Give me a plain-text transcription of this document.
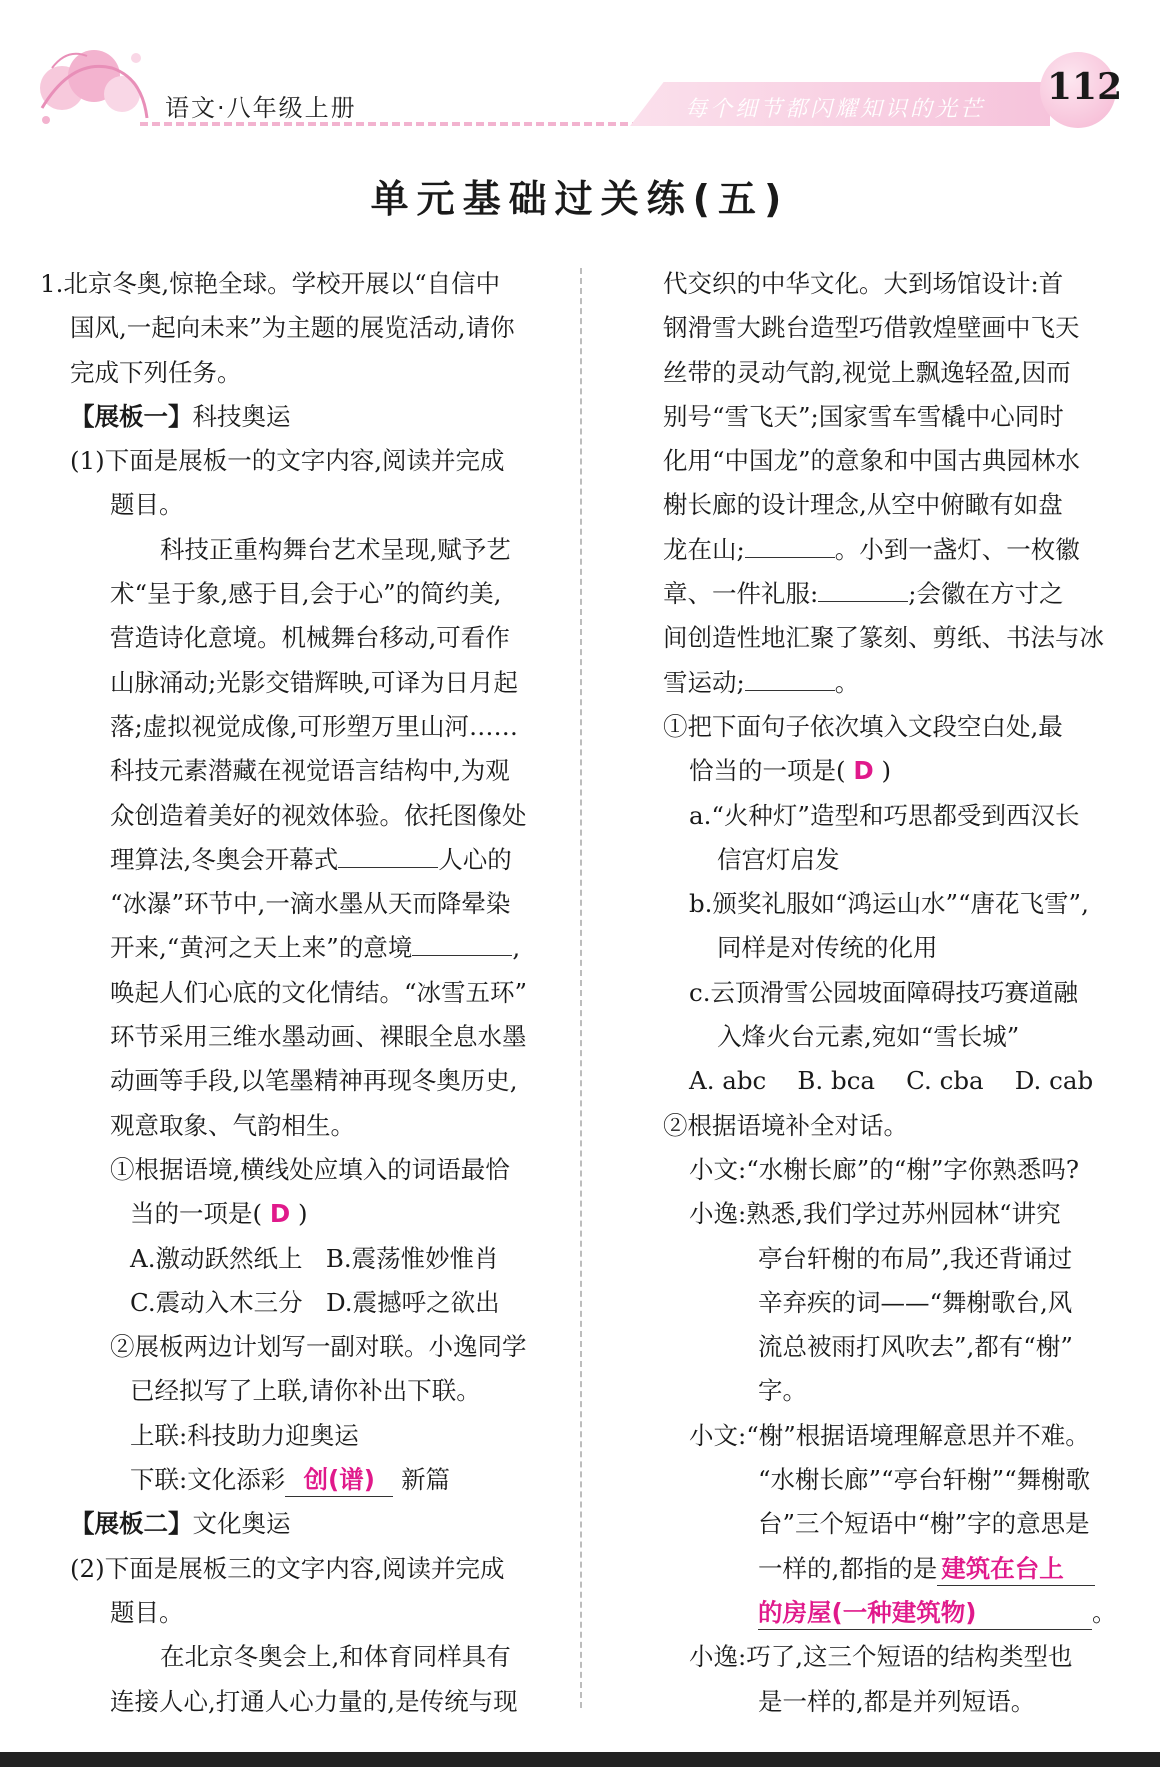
语文·八年级上册	每个细节都闪耀知识的光芒
112
单元基础过关练(五)
1.北京冬奥,惊艳全球。学校开展以“自信中
国风,一起向未来”为主题的展览活动,请你
完成下列任务。
【展板一】科技奥运
(1)下面是展板一的文字内容,阅读并完成
题目。
科技正重构舞台艺术呈现,赋予艺
术“呈于象,感于目,会于心”的简约美,
营造诗化意境。机械舞台移动,可看作
山脉涌动;光影交错辉映,可译为日月起
落;虚拟视觉成像,可形塑万里山河……
科技元素潜藏在视觉语言结构中,为观
众创造着美好的视效体验。依托图像处
理算法,冬奥会开幕式	人心的
“冰瀑”环节中,一滴水墨从天而降晕染
开来,“黄河之天上来”的意境	,
唤起人们心底的文化情结。“冰雪五环”
环节采用三维水墨动画、裸眼全息水墨
动画等手段,以笔墨精神再现冬奥历史,
观意取象、气韵相生。
①根据语境,横线处应填入的词语最恰
当的一项是( D )
A.激动跃然纸上   B.震荡惟妙惟肖
C.震动入木三分   D.震撼呼之欲出
②展板两边计划写一副对联。小逸同学
已经拟写了上联,请你补出下联。
上联:科技助力迎奥运
下联:文化添彩 创(谱) 新篇
【展板二】文化奥运
(2)下面是展板三的文字内容,阅读并完成
题目。
在北京冬奥会上,和体育同样具有
连接人心,打通人心力量的,是传统与现
代交织的中华文化。大到场馆设计:首
钢滑雪大跳台造型巧借敦煌壁画中飞天
丝带的灵动气韵,视觉上飘逸轻盈,因而
别号“雪飞天”;国家雪车雪橇中心同时
化用“中国龙”的意象和中国古典园林水
榭长廊的设计理念,从空中俯瞰有如盘
龙在山;	。小到一盏灯、一枚徽
章、一件礼服:	;会徽在方寸之
间创造性地汇聚了篆刻、剪纸、书法与冰
雪运动;	。
①把下面句子依次填入文段空白处,最
恰当的一项是( D )
a.“火种灯”造型和巧思都受到西汉长
信宫灯启发
b.颁奖礼服如“鸿运山水”“唐花飞雪”,
同样是对传统的化用
c.云顶滑雪公园坡面障碍技巧赛道融
入烽火台元素,宛如“雪长城”
A. abc    B. bca    C. cba    D. cab
②根据语境补全对话。
小文:“水榭长廊”的“榭”字你熟悉吗?
小逸:熟悉,我们学过苏州园林“讲究
亭台轩榭的布局”,我还背诵过
辛弃疾的词——“舞榭歌台,风
流总被雨打风吹去”,都有“榭”
字。
小文:“榭”根据语境理解意思并不难。
“水榭长廊”“亭台轩榭”“舞榭歌
台”三个短语中“榭”字的意思是
一样的,都指的是 建筑在台上
的房屋(一种建筑物)	。
小逸:巧了,这三个短语的结构类型也
是一样的,都是并列短语。
